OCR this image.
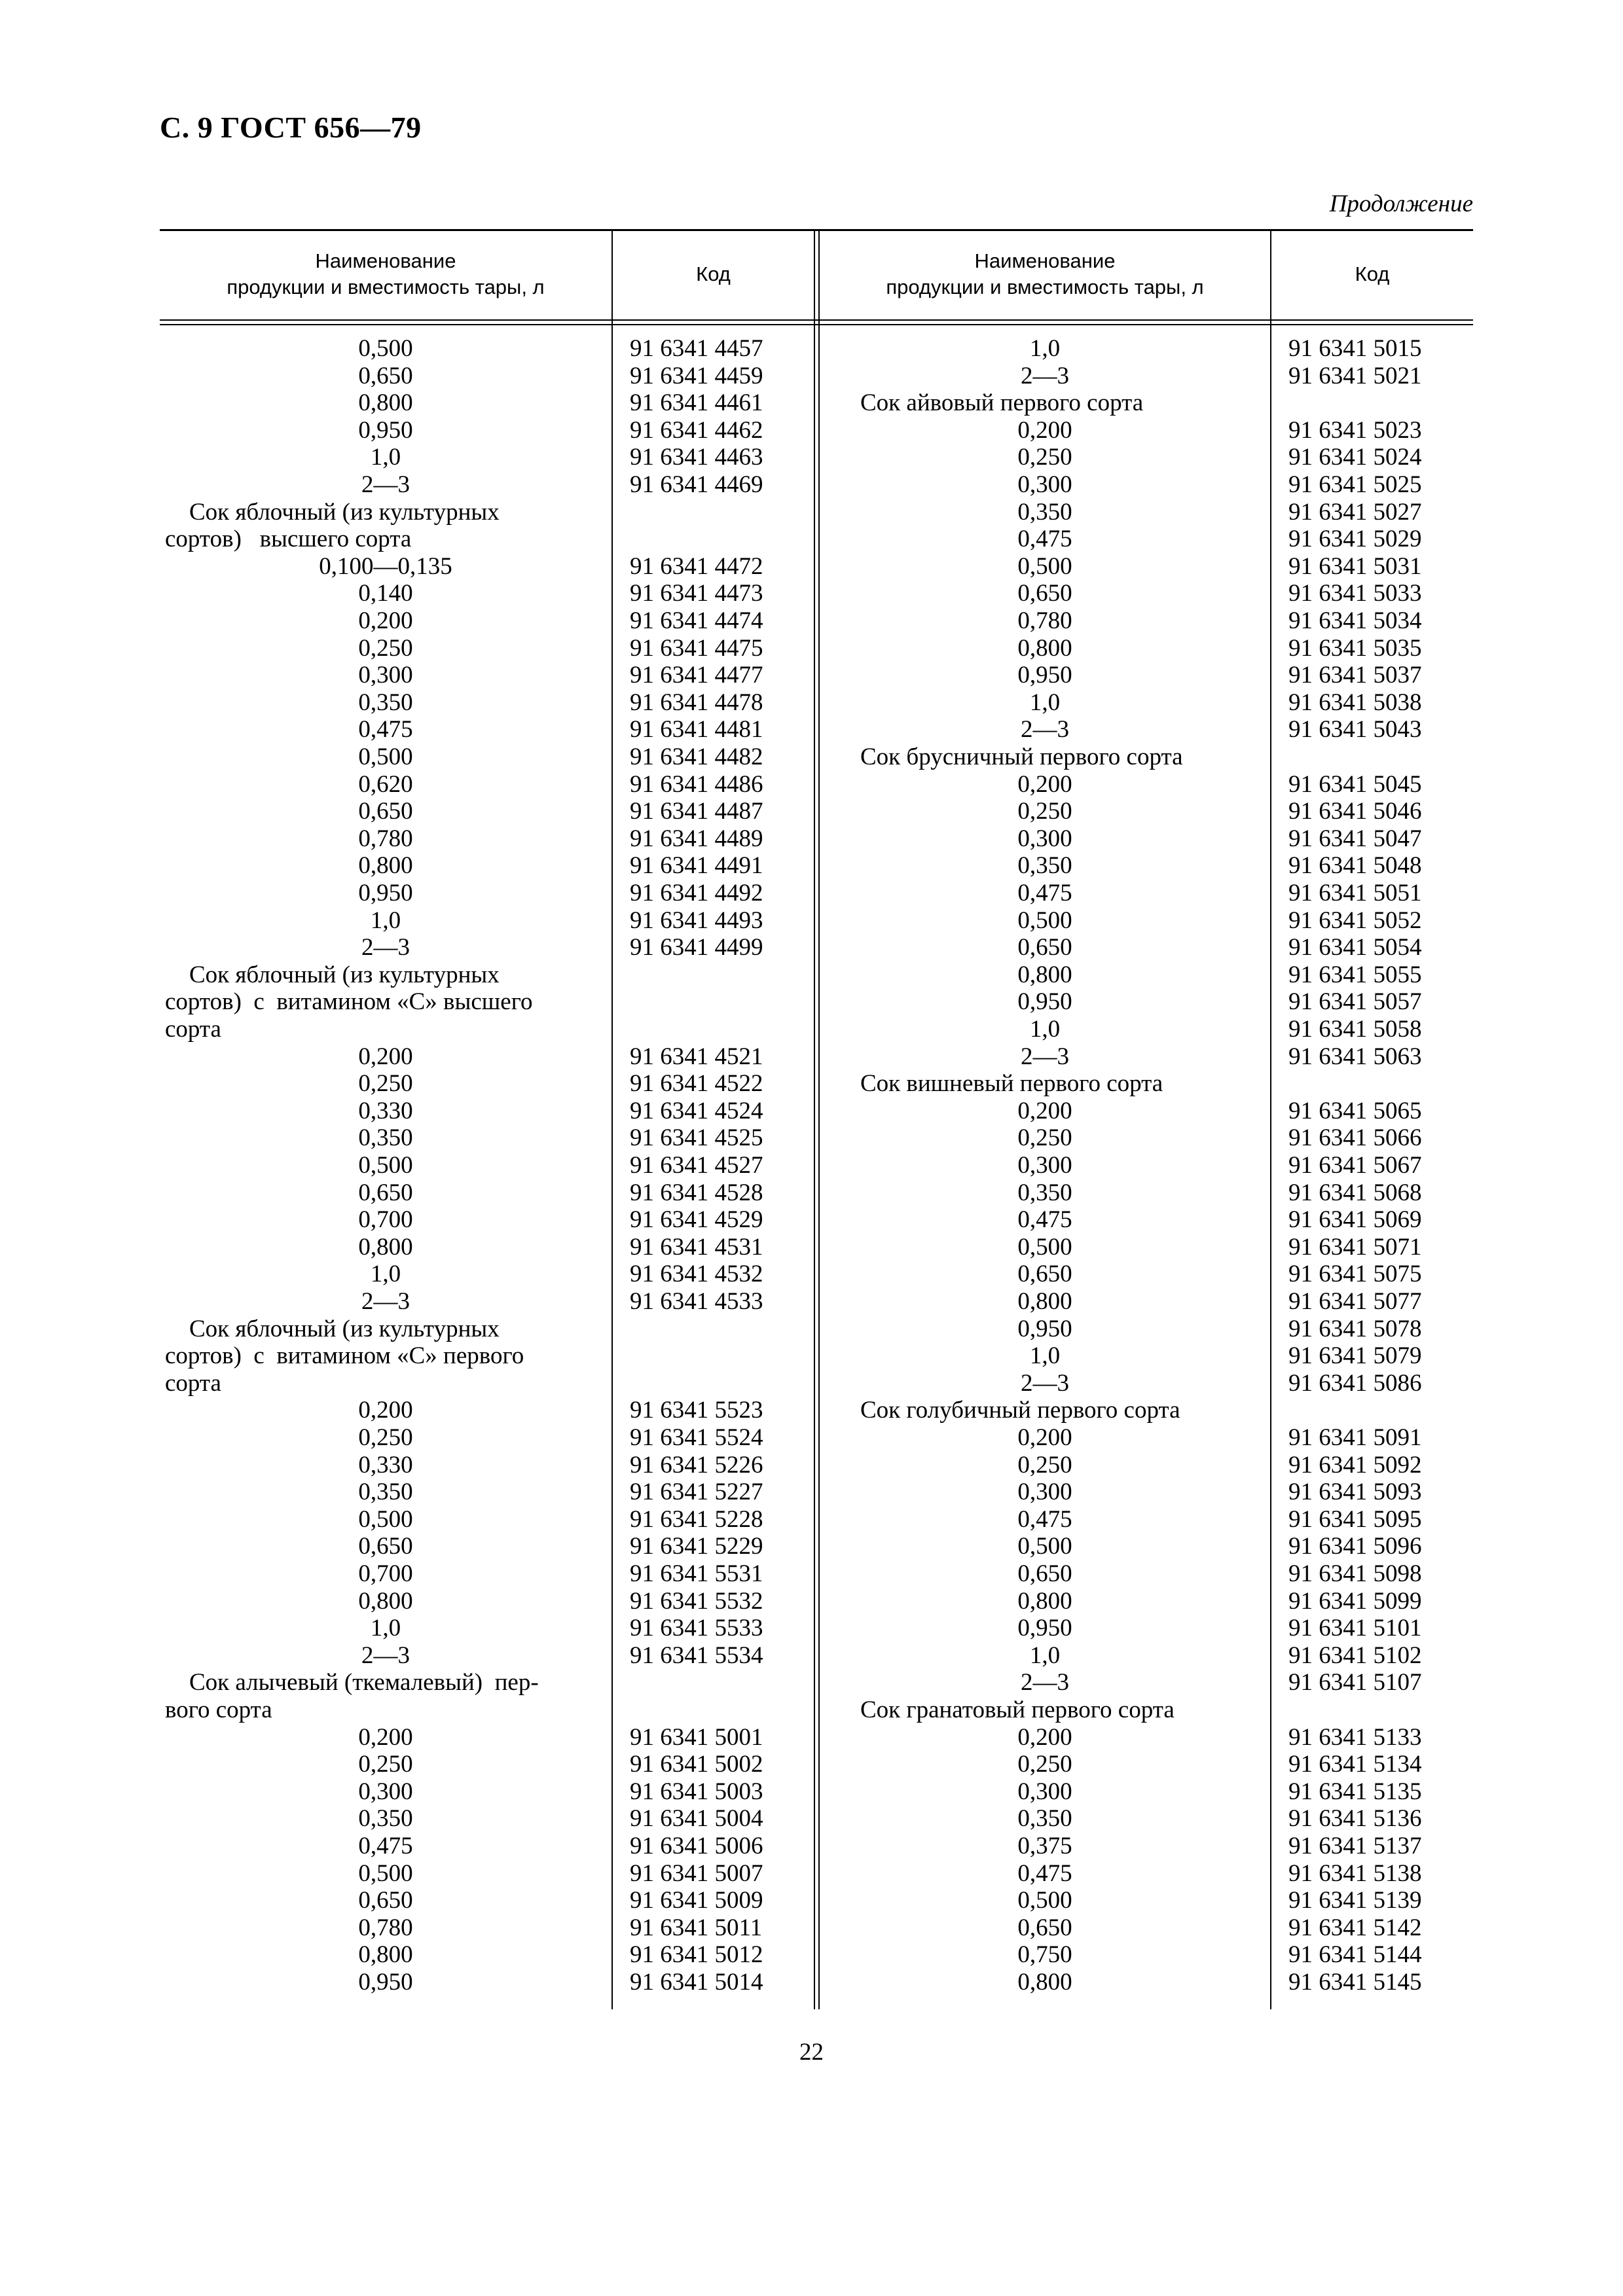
С. 9 ГОСТ 656—79
Продолжение
Наименование
продукции и вместимость тары, л
Код
Наименование
продукции и вместимость тары, л
Код
0,500
0,650
0,800
0,950
1,0
2—3
Сок яблочный (из культурных
сортов)   высшего сорта
0,100—0,135
0,140
0,200
0,250
0,300
0,350
0,475
0,500
0,620
0,650
0,780
0,800
0,950
1,0
2—3
Сок яблочный (из культурных
сортов)  с  витамином «С» высшего
сорта
0,200
0,250
0,330
0,350
0,500
0,650
0,700
0,800
1,0
2—3
Сок яблочный (из культурных
сортов)  с  витамином «С» первого
сорта
0,200
0,250
0,330
0,350
0,500
0,650
0,700
0,800
1,0
2—3
Сок алычевый (ткемалевый)  пер-
вого сорта
0,200
0,250
0,300
0,350
0,475
0,500
0,650
0,780
0,800
0,950
91 6341 4457
91 6341 4459
91 6341 4461
91 6341 4462
91 6341 4463
91 6341 4469
91 6341 4472
91 6341 4473
91 6341 4474
91 6341 4475
91 6341 4477
91 6341 4478
91 6341 4481
91 6341 4482
91 6341 4486
91 6341 4487
91 6341 4489
91 6341 4491
91 6341 4492
91 6341 4493
91 6341 4499
91 6341 4521
91 6341 4522
91 6341 4524
91 6341 4525
91 6341 4527
91 6341 4528
91 6341 4529
91 6341 4531
91 6341 4532
91 6341 4533
91 6341 5523
91 6341 5524
91 6341 5226
91 6341 5227
91 6341 5228
91 6341 5229
91 6341 5531
91 6341 5532
91 6341 5533
91 6341 5534
91 6341 5001
91 6341 5002
91 6341 5003
91 6341 5004
91 6341 5006
91 6341 5007
91 6341 5009
91 6341 5011
91 6341 5012
91 6341 5014
1,0
2—3
Сок айвовый первого сорта
0,200
0,250
0,300
0,350
0,475
0,500
0,650
0,780
0,800
0,950
1,0
2—3
Сок брусничный первого сорта
0,200
0,250
0,300
0,350
0,475
0,500
0,650
0,800
0,950
1,0
2—3
Сок вишневый первого сорта
0,200
0,250
0,300
0,350
0,475
0,500
0,650
0,800
0,950
1,0
2—3
Сок голубичный первого сорта
0,200
0,250
0,300
0,475
0,500
0,650
0,800
0,950
1,0
2—3
Сок гранатовый первого сорта
0,200
0,250
0,300
0,350
0,375
0,475
0,500
0,650
0,750
0,800
91 6341 5015
91 6341 5021
91 6341 5023
91 6341 5024
91 6341 5025
91 6341 5027
91 6341 5029
91 6341 5031
91 6341 5033
91 6341 5034
91 6341 5035
91 6341 5037
91 6341 5038
91 6341 5043
91 6341 5045
91 6341 5046
91 6341 5047
91 6341 5048
91 6341 5051
91 6341 5052
91 6341 5054
91 6341 5055
91 6341 5057
91 6341 5058
91 6341 5063
91 6341 5065
91 6341 5066
91 6341 5067
91 6341 5068
91 6341 5069
91 6341 5071
91 6341 5075
91 6341 5077
91 6341 5078
91 6341 5079
91 6341 5086
91 6341 5091
91 6341 5092
91 6341 5093
91 6341 5095
91 6341 5096
91 6341 5098
91 6341 5099
91 6341 5101
91 6341 5102
91 6341 5107
91 6341 5133
91 6341 5134
91 6341 5135
91 6341 5136
91 6341 5137
91 6341 5138
91 6341 5139
91 6341 5142
91 6341 5144
91 6341 5145
22
